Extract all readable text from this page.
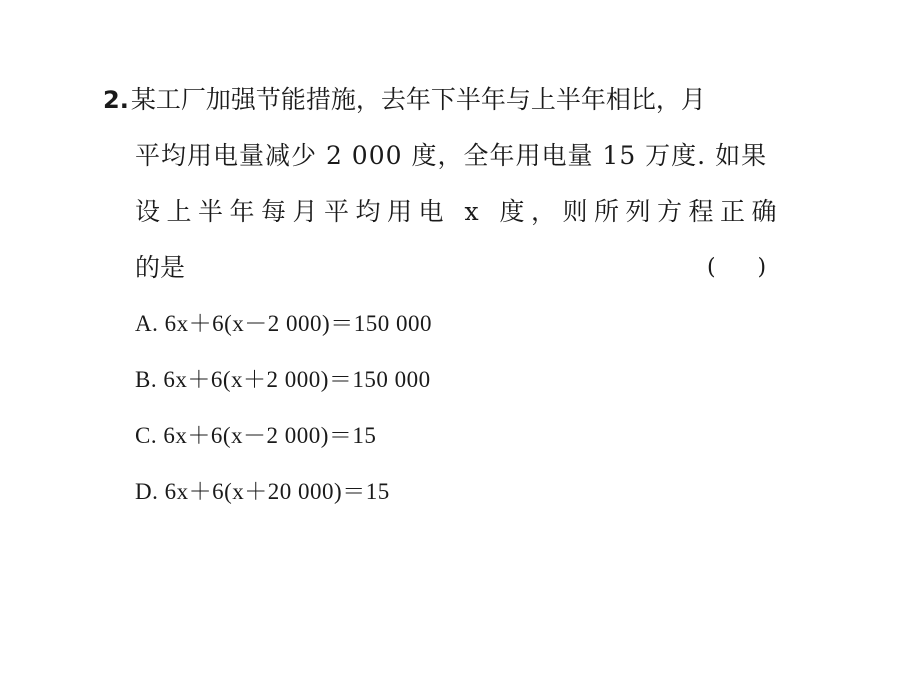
2.某工厂加强节能措施，去年下半年与上半年相比，月
平均用电量减少 2 000 度，全年用电量 15 万度. 如果
设上半年每月平均用电 x 度，则所列方程正确
的是	(      )
A. 6x＋6(x－2 000)＝150 000
B. 6x＋6(x＋2 000)＝150 000
C. 6x＋6(x－2 000)＝15
D. 6x＋6(x＋20 000)＝15
